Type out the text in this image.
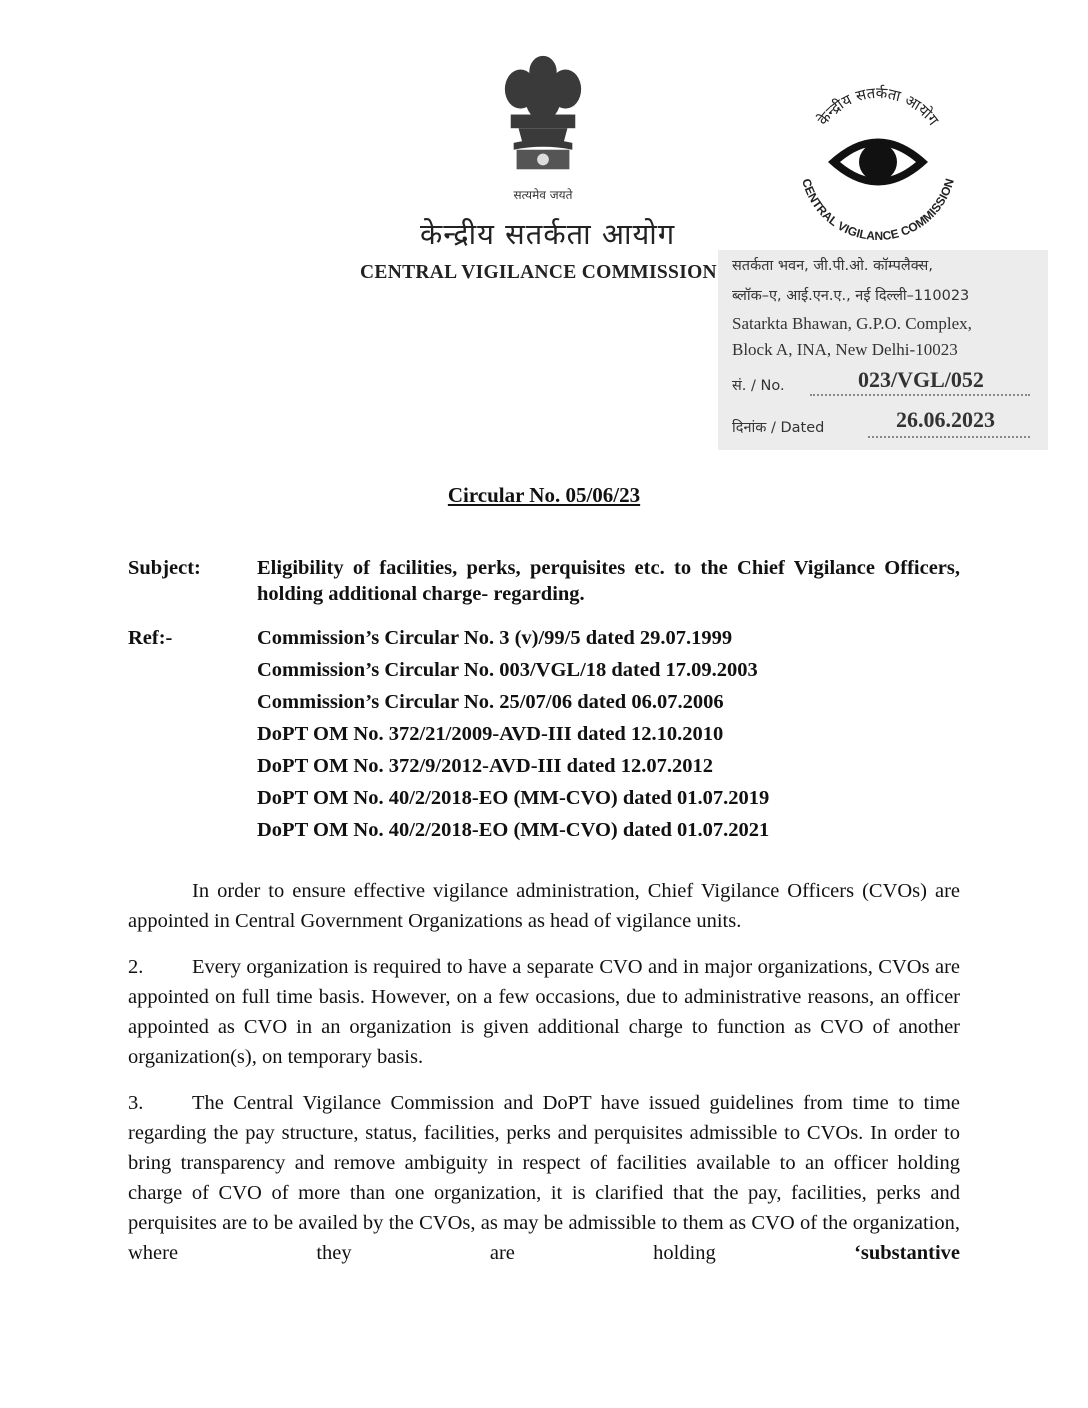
सत्यमेव जयते
केन्द्रीय सतर्कता आयोग
CENTRAL VIGILANCE COMMISSION
केन्द्रीय सतर्कता आयोग
CENTRAL VIGILANCE COMMISSION
सतर्कता भवन, जी.पी.ओ. कॉम्पलैक्स,
ब्लॉक–ए, आई.एन.ए., नई दिल्ली–110023
Satarkta Bhawan, G.P.O. Complex,
Block A, INA, New Delhi-10023
सं. / No.	023/VGL/052
दिनांक / Dated	26.06.2023
Circular No. 05/06/23
Subject:	Eligibility of facilities, perks, perquisites etc. to the Chief Vigilance Officers, holding additional charge- regarding.
Ref:-	Commission’s Circular No. 3 (v)/99/5 dated 29.07.1999
Commission’s Circular No. 003/VGL/18 dated 17.09.2003
Commission’s Circular No. 25/07/06 dated 06.07.2006
DoPT OM No. 372/21/2009-AVD-III dated 12.10.2010
DoPT OM No. 372/9/2012-AVD-III dated 12.07.2012
DoPT OM No. 40/2/2018-EO (MM-CVO) dated 01.07.2019
DoPT OM No. 40/2/2018-EO (MM-CVO) dated 01.07.2021

In order to ensure effective vigilance administration, Chief Vigilance Officers (CVOs) are appointed in Central Government Organizations as head of vigilance units.

2. Every organization is required to have a separate CVO and in major organizations, CVOs are appointed on full time basis. However, on a few occasions, due to administrative reasons, an officer appointed as CVO in an organization is given additional charge to function as CVO of another organization(s), on temporary basis.

3. The Central Vigilance Commission and DoPT have issued guidelines from time to time regarding the pay structure, status, facilities, perks and perquisites admissible to CVOs. In order to bring transparency and remove ambiguity in respect of facilities available to an officer holding charge of CVO of more than one organization, it is clarified that the pay, facilities, perks and perquisites are to be availed by the CVOs, as may be admissible to them as CVO of the organization, where they are holding	‘substantive
